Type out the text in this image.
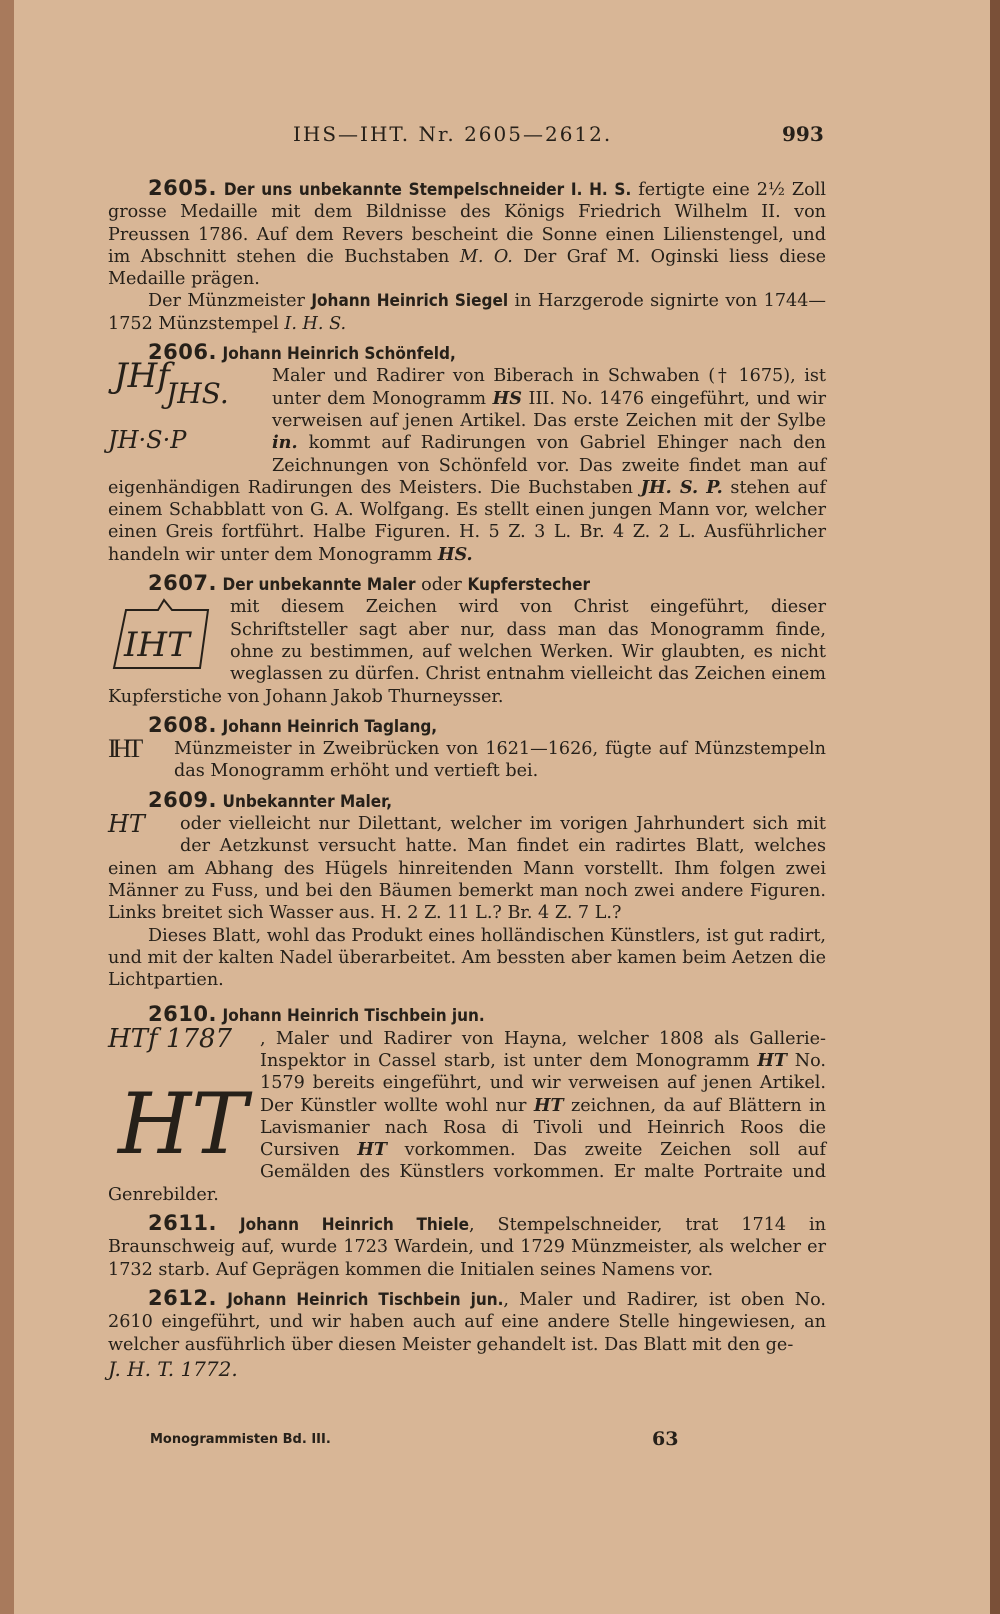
IHS—IHT. Nr. 2605—2612.	993

2605. Der uns unbekannte Stempelschneider I. H. S. fertigte eine 2½ Zoll grosse Medaille mit dem Bildnisse des Königs Friedrich Wilhelm II. von Preussen 1786. Auf dem Revers bescheint die Sonne einen Lilienstengel, und im Abschnitt stehen die Buchstaben M. O. Der Graf M. Oginski liess diese Medaille prägen.

Der Münzmeister Johann Heinrich Siegel in Harzgerode signirte von 1744—1752 Münzstempel I. H. S.

2606. Johann Heinrich Schönfeld,

JHf
JHS.
JH·S·P

Maler und Radirer von Biberach in Schwaben († 1675), ist unter dem Monogramm HS III. No. 1476 eingeführt, und wir verweisen auf jenen Artikel. Das erste Zeichen mit der Sylbe in. kommt auf Radirungen von Gabriel Ehinger nach den Zeichnungen von Schönfeld vor. Das zweite findet man auf eigenhändigen Radirungen des Meisters. Die Buchstaben JH. S. P. stehen auf einem Schabblatt von G. A. Wolfgang. Es stellt einen jungen Mann vor, welcher einen Greis fortführt. Halbe Figuren. H. 5 Z. 3 L. Br. 4 Z. 2 L. Ausführlicher handeln wir unter dem Monogramm HS.

2607. Der unbekannte Maler oder Kupferstecher

IHT

mit diesem Zeichen wird von Christ eingeführt, dieser Schriftsteller sagt aber nur, dass man das Monogramm finde, ohne zu bestimmen, auf welchen Werken. Wir glaubten, es nicht weglassen zu dürfen. Christ entnahm vielleicht das Zeichen einem Kupferstiche von Johann Jakob Thurneysser.

2608. Johann Heinrich Taglang,

IHT	Münzmeister in Zweibrücken von 1621—1626, fügte auf Münzstempeln das Monogramm erhöht und vertieft bei.

2609. Unbekannter Maler,

HT	oder vielleicht nur Dilettant, welcher im vorigen Jahrhundert sich mit der Aetzkunst versucht hatte. Man findet ein radirtes Blatt, welches einen am Abhang des Hügels hinreitenden Mann vorstellt. Ihm folgen zwei Männer zu Fuss, und bei den Bäumen bemerkt man noch zwei andere Figuren. Links breitet sich Wasser aus. H. 2 Z. 11 L.? Br. 4 Z. 7 L.?

Dieses Blatt, wohl das Produkt eines holländischen Künstlers, ist gut radirt, und mit der kalten Nadel überarbeitet. Am bessten aber kamen beim Aetzen die Lichtpartien.

2610. Johann Heinrich Tischbein jun.

HTf 1787
HT

, Maler und Radirer von Hayna, welcher 1808 als Gallerie-Inspektor in Cassel starb, ist unter dem Monogramm HT No. 1579 bereits eingeführt, und wir verweisen auf jenen Artikel. Der Künstler wollte wohl nur HT zeichnen, da auf Blättern in Lavismanier nach Rosa di Tivoli und Heinrich Roos die Cursiven HT vorkommen. Das zweite Zeichen soll auf Gemälden des Künstlers vorkommen. Er malte Portraite und Genrebilder.

2611. Johann Heinrich Thiele, Stempelschneider, trat 1714 in Braunschweig auf, wurde 1723 Wardein, und 1729 Münzmeister, als welcher er 1732 starb. Auf Geprägen kommen die Initialen seines Namens vor.

2612. Johann Heinrich Tischbein jun., Maler und Radirer, ist oben No. 2610 eingeführt, und wir haben auch auf eine andere Stelle hingewiesen, an welcher ausführlich über diesen Meister gehandelt ist. Das Blatt mit den ge-

J. H. T. 1772.

Monogrammisten Bd. III.	63
